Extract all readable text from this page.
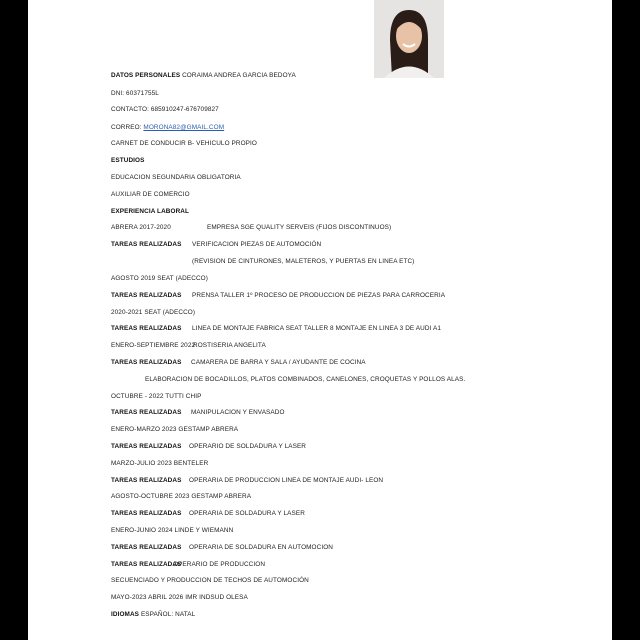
DATOS PERSONALES CORAIMA ANDREA GARCIA BEDOYA
DNI: 60371755L
CONTACTO: 685910247-676709827
CORREO: MORONA82@GMAIL.COM
CARNET DE CONDUCIR B- VEHICULO PROPIO
ESTUDIOS
EDUCACION SEGUNDARIA OBLIGATORIA
AUXILIAR DE COMERCIO
EXPERIENCIA LABORAL
ABRERA 2017-2020	EMPRESA SGE QUALITY SERVEIS (FIJOS DISCONTINUOS)
TAREAS REALIZADAS VERIFICACION PIEZAS DE AUTOMOCIÓN
(REVISION DE CINTURONES, MALETEROS, Y PUERTAS EN LINEA ETC)
AGOSTO 2019 SEAT (ADECCO)
TAREAS REALIZADAS PRENSA TALLER 1º PROCESO DE PRODUCCION DE PIEZAS PARA CARROCERIA
2020-2021 SEAT (ADECCO)
TAREAS REALIZADAS LINEA DE MONTAJE FABRICA SEAT TALLER 8 MONTAJE EN LINEA 3 DE AUDI A1
ENERO-SEPTIEMBRE 2022
ROSTISERIA ANGELITA
TAREAS REALIZADAS CAMARERA DE BARRA Y SALA / AYUDANTE DE COCINA
ELABORACION DE BOCADILLOS, PLATOS COMBINADOS, CANELONES, CROQUETAS Y POLLOS ALAS.
OCTUBRE - 2022 TUTTI CHIP
TAREAS REALIZADAS MANIPULACION Y ENVASADO
ENERO-MARZO 2023 GESTAMP ABRERA
TAREAS REALIZADAS OPERARIO DE SOLDADURA Y LASER
MARZO-JULIO 2023 BENTELER
TAREAS REALIZADAS OPERARIA DE PRODUCCION LINEA DE MONTAJE AUDI- LEON
AGOSTO-OCTUBRE 2023 GESTAMP ABRERA
TAREAS REALIZADAS OPERARIA DE SOLDADURA Y LASER
ENERO-JUNIO 2024 LINDE Y WIEMANN
TAREAS REALIZADAS OPERARIA DE SOLDADURA EN AUTOMOCION
TAREAS REALIZADAS
OPERARIO DE PRODUCCION
SECUENCIADO Y PRODUCCION DE TECHOS DE AUTOMOCIÓN
MAYO-2023 ABRIL 2026 IMR INDSUD OLESA
IDIOMAS ESPAÑOL: NATAL
